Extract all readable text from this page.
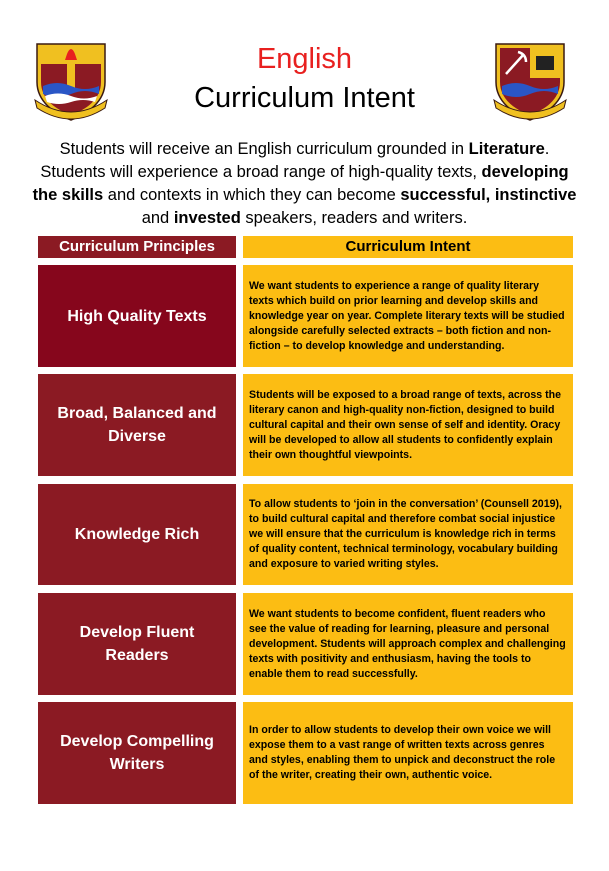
English
Curriculum Intent
Students will receive an English curriculum grounded in Literature. Students will experience a broad range of high-quality texts, developing the skills and contexts in which they can become successful, instinctive and invested speakers, readers and writers.
Curriculum Principles	Curriculum Intent
High Quality Texts
We want students to experience a range of quality literary texts which build on prior learning and develop skills and knowledge year on year. Complete literary texts will be studied alongside carefully selected extracts – both fiction and non-fiction – to develop knowledge and understanding.
Broad, Balanced and Diverse
Students will be exposed to a broad range of texts, across the literary canon and high-quality non-fiction, designed to build cultural capital and their own sense of self and identity. Oracy will be developed to allow all students to confidently explain their own thoughtful viewpoints.
Knowledge Rich
To allow students to ‘join in the conversation’ (Counsell 2019), to build cultural capital and therefore combat social injustice we will ensure that the curriculum is knowledge rich in terms of quality content, technical terminology, vocabulary building and exposure to varied writing styles.
Develop Fluent Readers
We want students to become confident, fluent readers who see the value of reading for learning, pleasure and personal development. Students will approach complex and challenging texts with positivity and enthusiasm, having the tools to enable them to read successfully.
Develop Compelling Writers
In order to allow students to develop their own voice we will expose them to a vast range of written texts across genres and styles, enabling them to unpick and deconstruct the role of the writer, creating their own, authentic voice.
